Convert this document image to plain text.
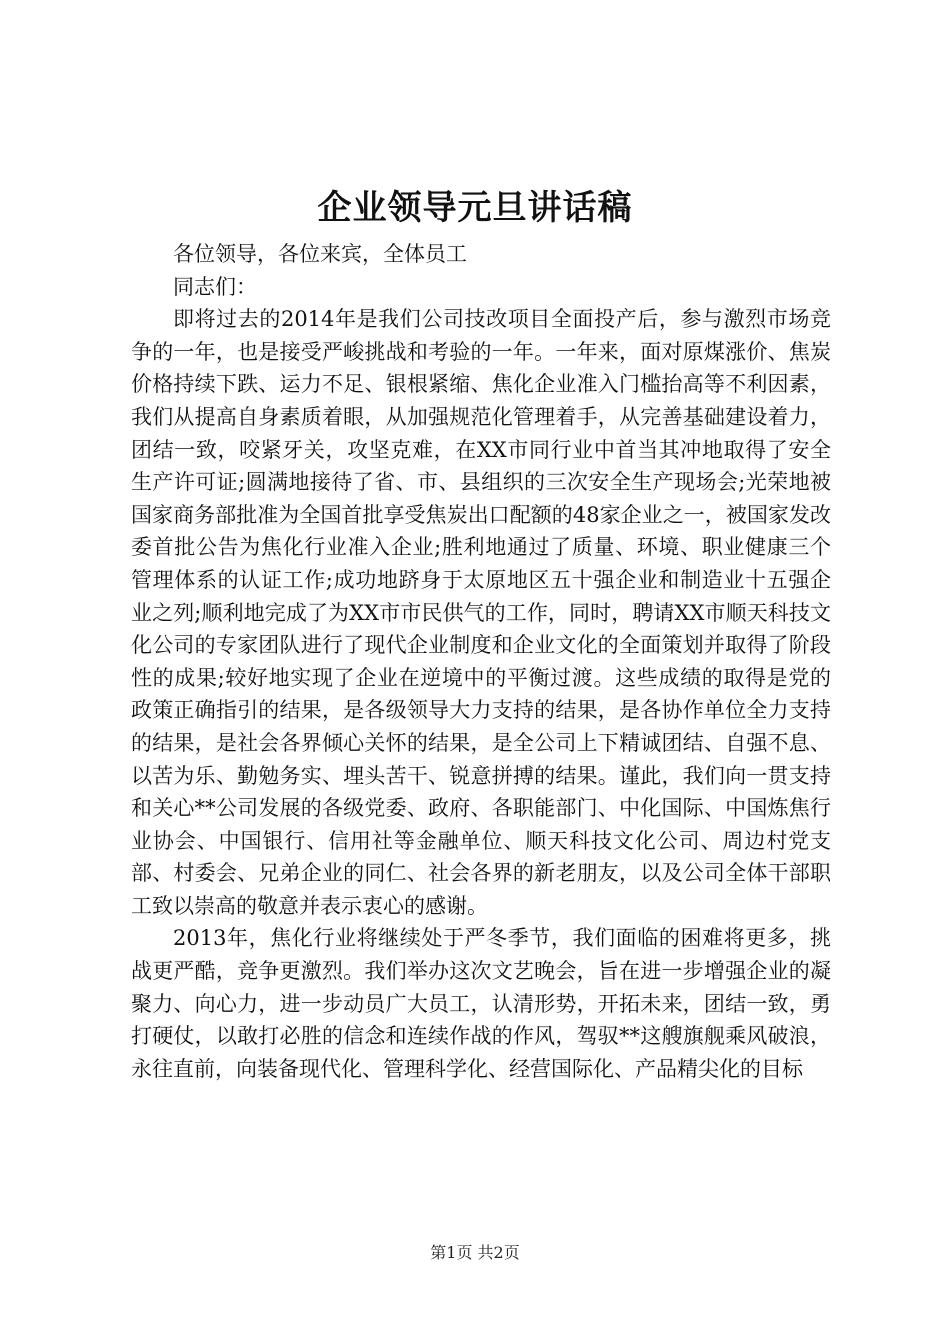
企业领导元旦讲话稿

各位领导，各位来宾，全体员工

同志们：

即将过去的2014年是我们公司技改项目全面投产后，参与激烈市场竞争的一年，也是接受严峻挑战和考验的一年。一年来，面对原煤涨价、焦炭价格持续下跌、运力不足、银根紧缩、焦化企业准入门槛抬高等不利因素，我们从提高自身素质着眼，从加强规范化管理着手，从完善基础建设着力，团结一致，咬紧牙关，攻坚克难，在XX市同行业中首当其冲地取得了安全生产许可证;圆满地接待了省、市、县组织的三次安全生产现场会;光荣地被国家商务部批准为全国首批享受焦炭出口配额的48家企业之一，被国家发改委首批公告为焦化行业准入企业;胜利地通过了质量、环境、职业健康三个管理体系的认证工作;成功地跻身于太原地区五十强企业和制造业十五强企业之列;顺利地完成了为XX市市民供气的工作，同时，聘请XX市顺天科技文化公司的专家团队进行了现代企业制度和企业文化的全面策划并取得了阶段性的成果;较好地实现了企业在逆境中的平衡过渡。这些成绩的取得是党的政策正确指引的结果，是各级领导大力支持的结果，是各协作单位全力支持的结果，是社会各界倾心关怀的结果，是全公司上下精诚团结、自强不息、以苦为乐、勤勉务实、埋头苦干、锐意拼搏的结果。谨此，我们向一贯支持和关心**公司发展的各级党委、政府、各职能部门、中化国际、中国炼焦行业协会、中国银行、信用社等金融单位、顺天科技文化公司、周边村党支部、村委会、兄弟企业的同仁、社会各界的新老朋友，以及公司全体干部职工致以崇高的敬意并表示衷心的感谢。

2013年，焦化行业将继续处于严冬季节，我们面临的困难将更多，挑战更严酷，竞争更激烈。我们举办这次文艺晚会，旨在进一步增强企业的凝聚力、向心力，进一步动员广大员工，认清形势，开拓未来，团结一致，勇打硬仗，以敢打必胜的信念和连续作战的作风，驾驭**这艘旗舰乘风破浪，永往直前，向装备现代化、管理科学化、经营国际化、产品精尖化的目标

第1页 共2页
